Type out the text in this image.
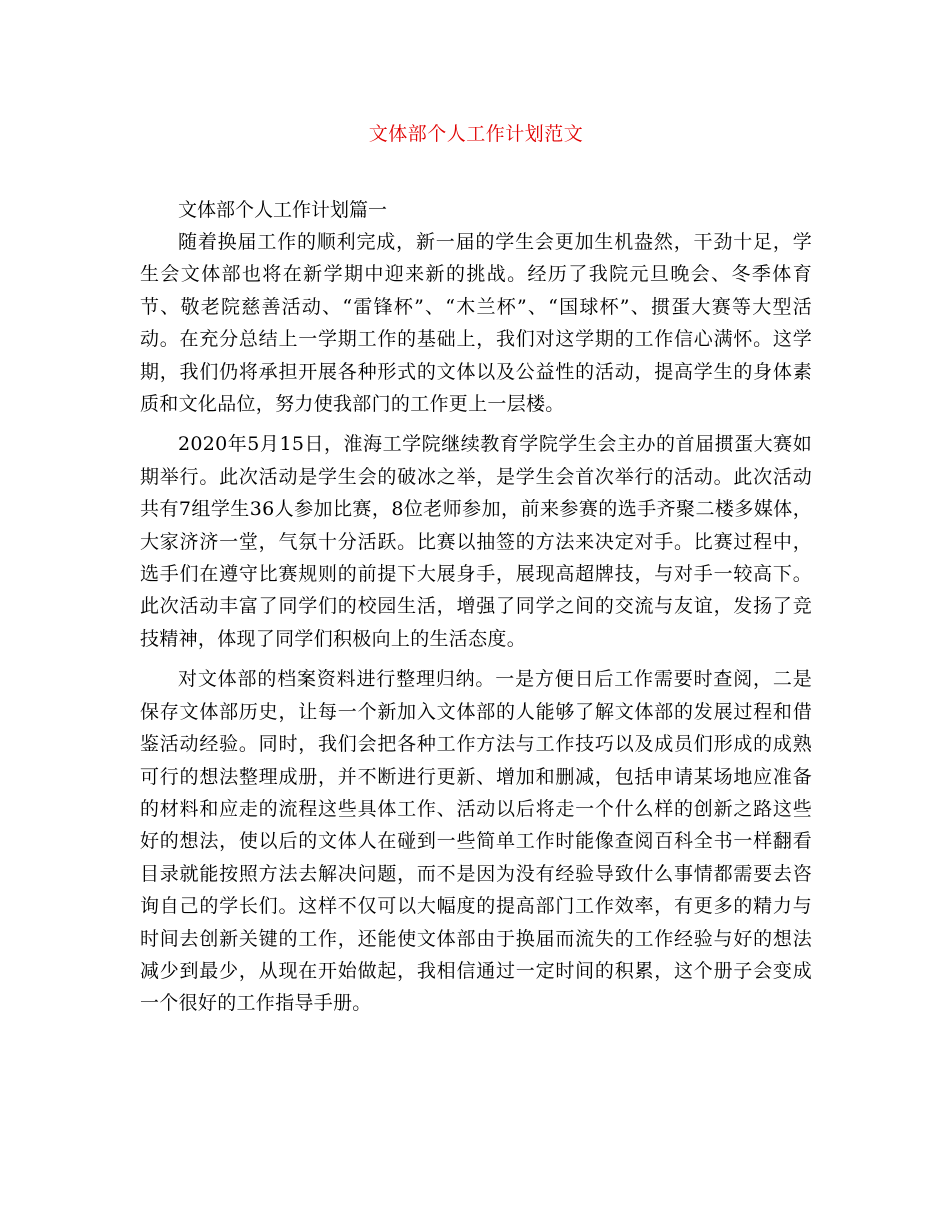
文体部个人工作计划范文
文体部个人工作计划篇一

随着换届工作的顺利完成，新一届的学生会更加生机盎然，干劲十足，学生会文体部也将在新学期中迎来新的挑战。经历了我院元旦晚会、冬季体育节、敬老院慈善活动、“雷锋杯”、“木兰杯”、“国球杯”、掼蛋大赛等大型活动。在充分总结上一学期工作的基础上，我们对这学期的工作信心满怀。这学期，我们仍将承担开展各种形式的文体以及公益性的活动，提高学生的身体素质和文化品位，努力使我部门的工作更上一层楼。

2020年5月15日，淮海工学院继续教育学院学生会主办的首届掼蛋大赛如期举行。此次活动是学生会的破冰之举，是学生会首次举行的活动。此次活动共有7组学生36人参加比赛，8位老师参加，前来参赛的选手齐聚二楼多媒体，大家济济一堂，气氛十分活跃。比赛以抽签的方法来决定对手。比赛过程中，选手们在遵守比赛规则的前提下大展身手，展现高超牌技，与对手一较高下。此次活动丰富了同学们的校园生活，增强了同学之间的交流与友谊，发扬了竞技精神，体现了同学们积极向上的生活态度。

对文体部的档案资料进行整理归纳。一是方便日后工作需要时查阅，二是保存文体部历史，让每一个新加入文体部的人能够了解文体部的发展过程和借鉴活动经验。同时，我们会把各种工作方法与工作技巧以及成员们形成的成熟可行的想法整理成册，并不断进行更新、增加和删减，包括申请某场地应准备的材料和应走的流程这些具体工作、活动以后将走一个什么样的创新之路这些好的想法，使以后的文体人在碰到一些简单工作时能像查阅百科全书一样翻看目录就能按照方法去解决问题，而不是因为没有经验导致什么事情都需要去咨询自己的学长们。这样不仅可以大幅度的提高部门工作效率，有更多的精力与时间去创新关键的工作，还能使文体部由于换届而流失的工作经验与好的想法减少到最少，从现在开始做起，我相信通过一定时间的积累，这个册子会变成一个很好的工作指导手册。
